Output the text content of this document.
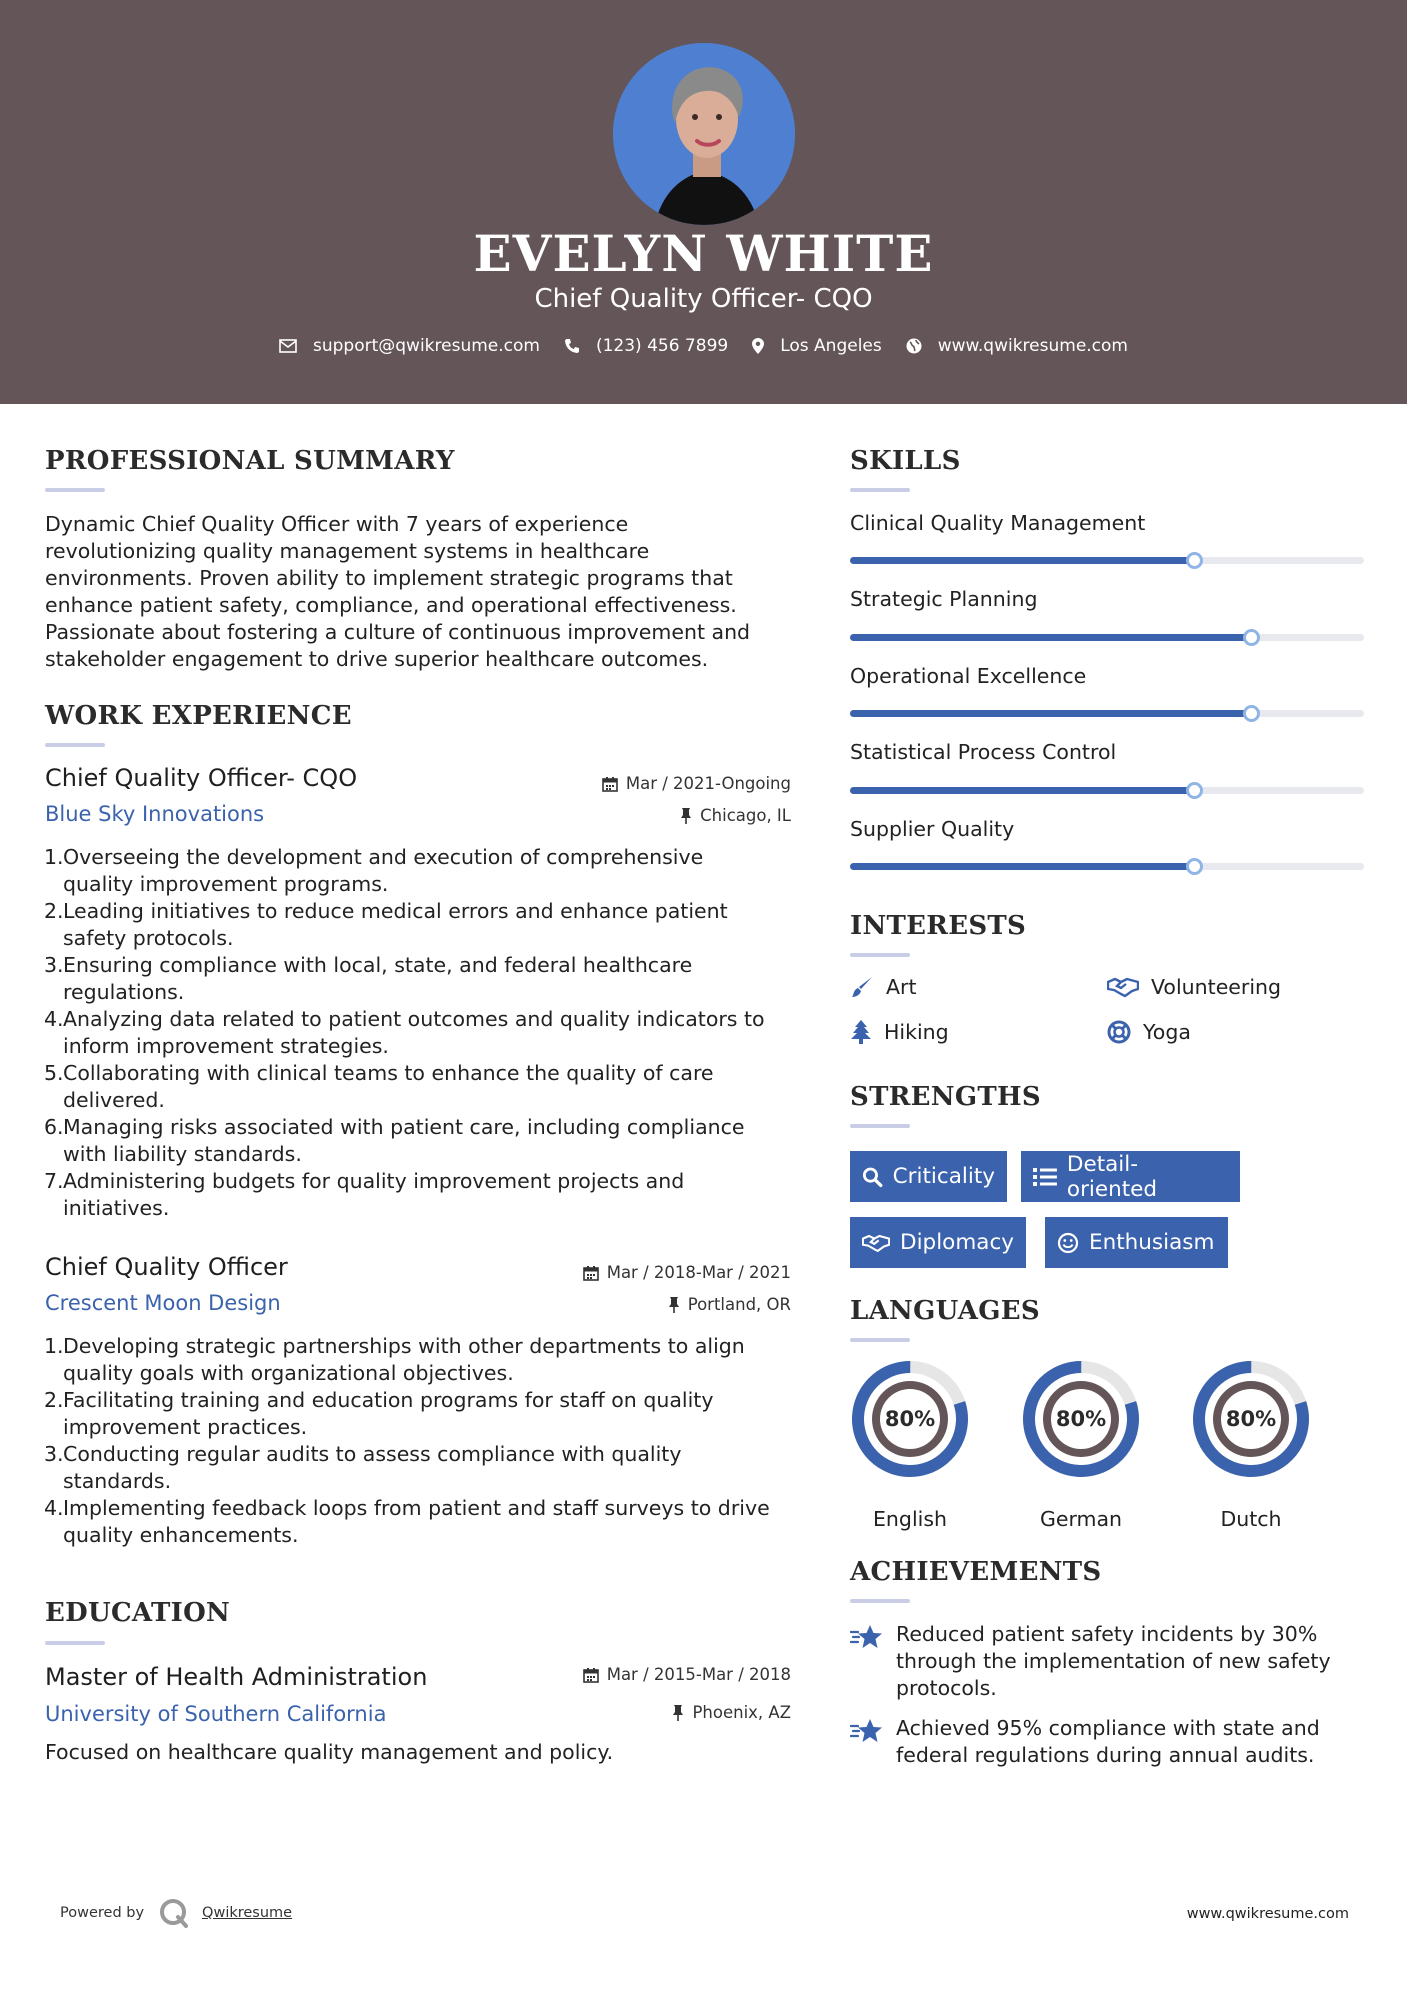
EVELYN WHITE
Chief Quality Officer- CQO
support@qwikresume.com	(123) 456 7899	Los Angeles	www.qwikresume.com
PROFESSIONAL SUMMARY
Dynamic Chief Quality Officer with 7 years of experience
revolutionizing quality management systems in healthcare
environments. Proven ability to implement strategic programs that
enhance patient safety, compliance, and operational effectiveness.
Passionate about fostering a culture of continuous improvement and
stakeholder engagement to drive superior healthcare outcomes.
WORK EXPERIENCE
Chief Quality Officer- CQO	Mar / 2021-Ongoing
Blue Sky Innovations	Chicago, IL
1. Overseeing the development and execution of comprehensive
quality improvement programs.
2. Leading initiatives to reduce medical errors and enhance patient
safety protocols.
3. Ensuring compliance with local, state, and federal healthcare
regulations.
4. Analyzing data related to patient outcomes and quality indicators to
inform improvement strategies.
5. Collaborating with clinical teams to enhance the quality of care
delivered.
6. Managing risks associated with patient care, including compliance
with liability standards.
7. Administering budgets for quality improvement projects and
initiatives.
Chief Quality Officer	Mar / 2018-Mar / 2021
Crescent Moon Design	Portland, OR
1. Developing strategic partnerships with other departments to align
quality goals with organizational objectives.
2. Facilitating training and education programs for staff on quality
improvement practices.
3. Conducting regular audits to assess compliance with quality
standards.
4. Implementing feedback loops from patient and staff surveys to drive
quality enhancements.
EDUCATION
Master of Health Administration	Mar / 2015-Mar / 2018
University of Southern California	Phoenix, AZ
Focused on healthcare quality management and policy.
SKILLS
Clinical Quality Management
Strategic Planning
Operational Excellence
Statistical Process Control
Supplier Quality
INTERESTS
Art	Volunteering
Hiking	Yoga
STRENGTHS
Criticality	Detail-oriented
Diplomacy	Enthusiasm
LANGUAGES
80%
English
80%
German
80%
Dutch
ACHIEVEMENTS
Reduced patient safety incidents by 30%
through the implementation of new safety
protocols.
Achieved 95% compliance with state and
federal regulations during annual audits.
Powered by	Qwikresume	www.qwikresume.com
